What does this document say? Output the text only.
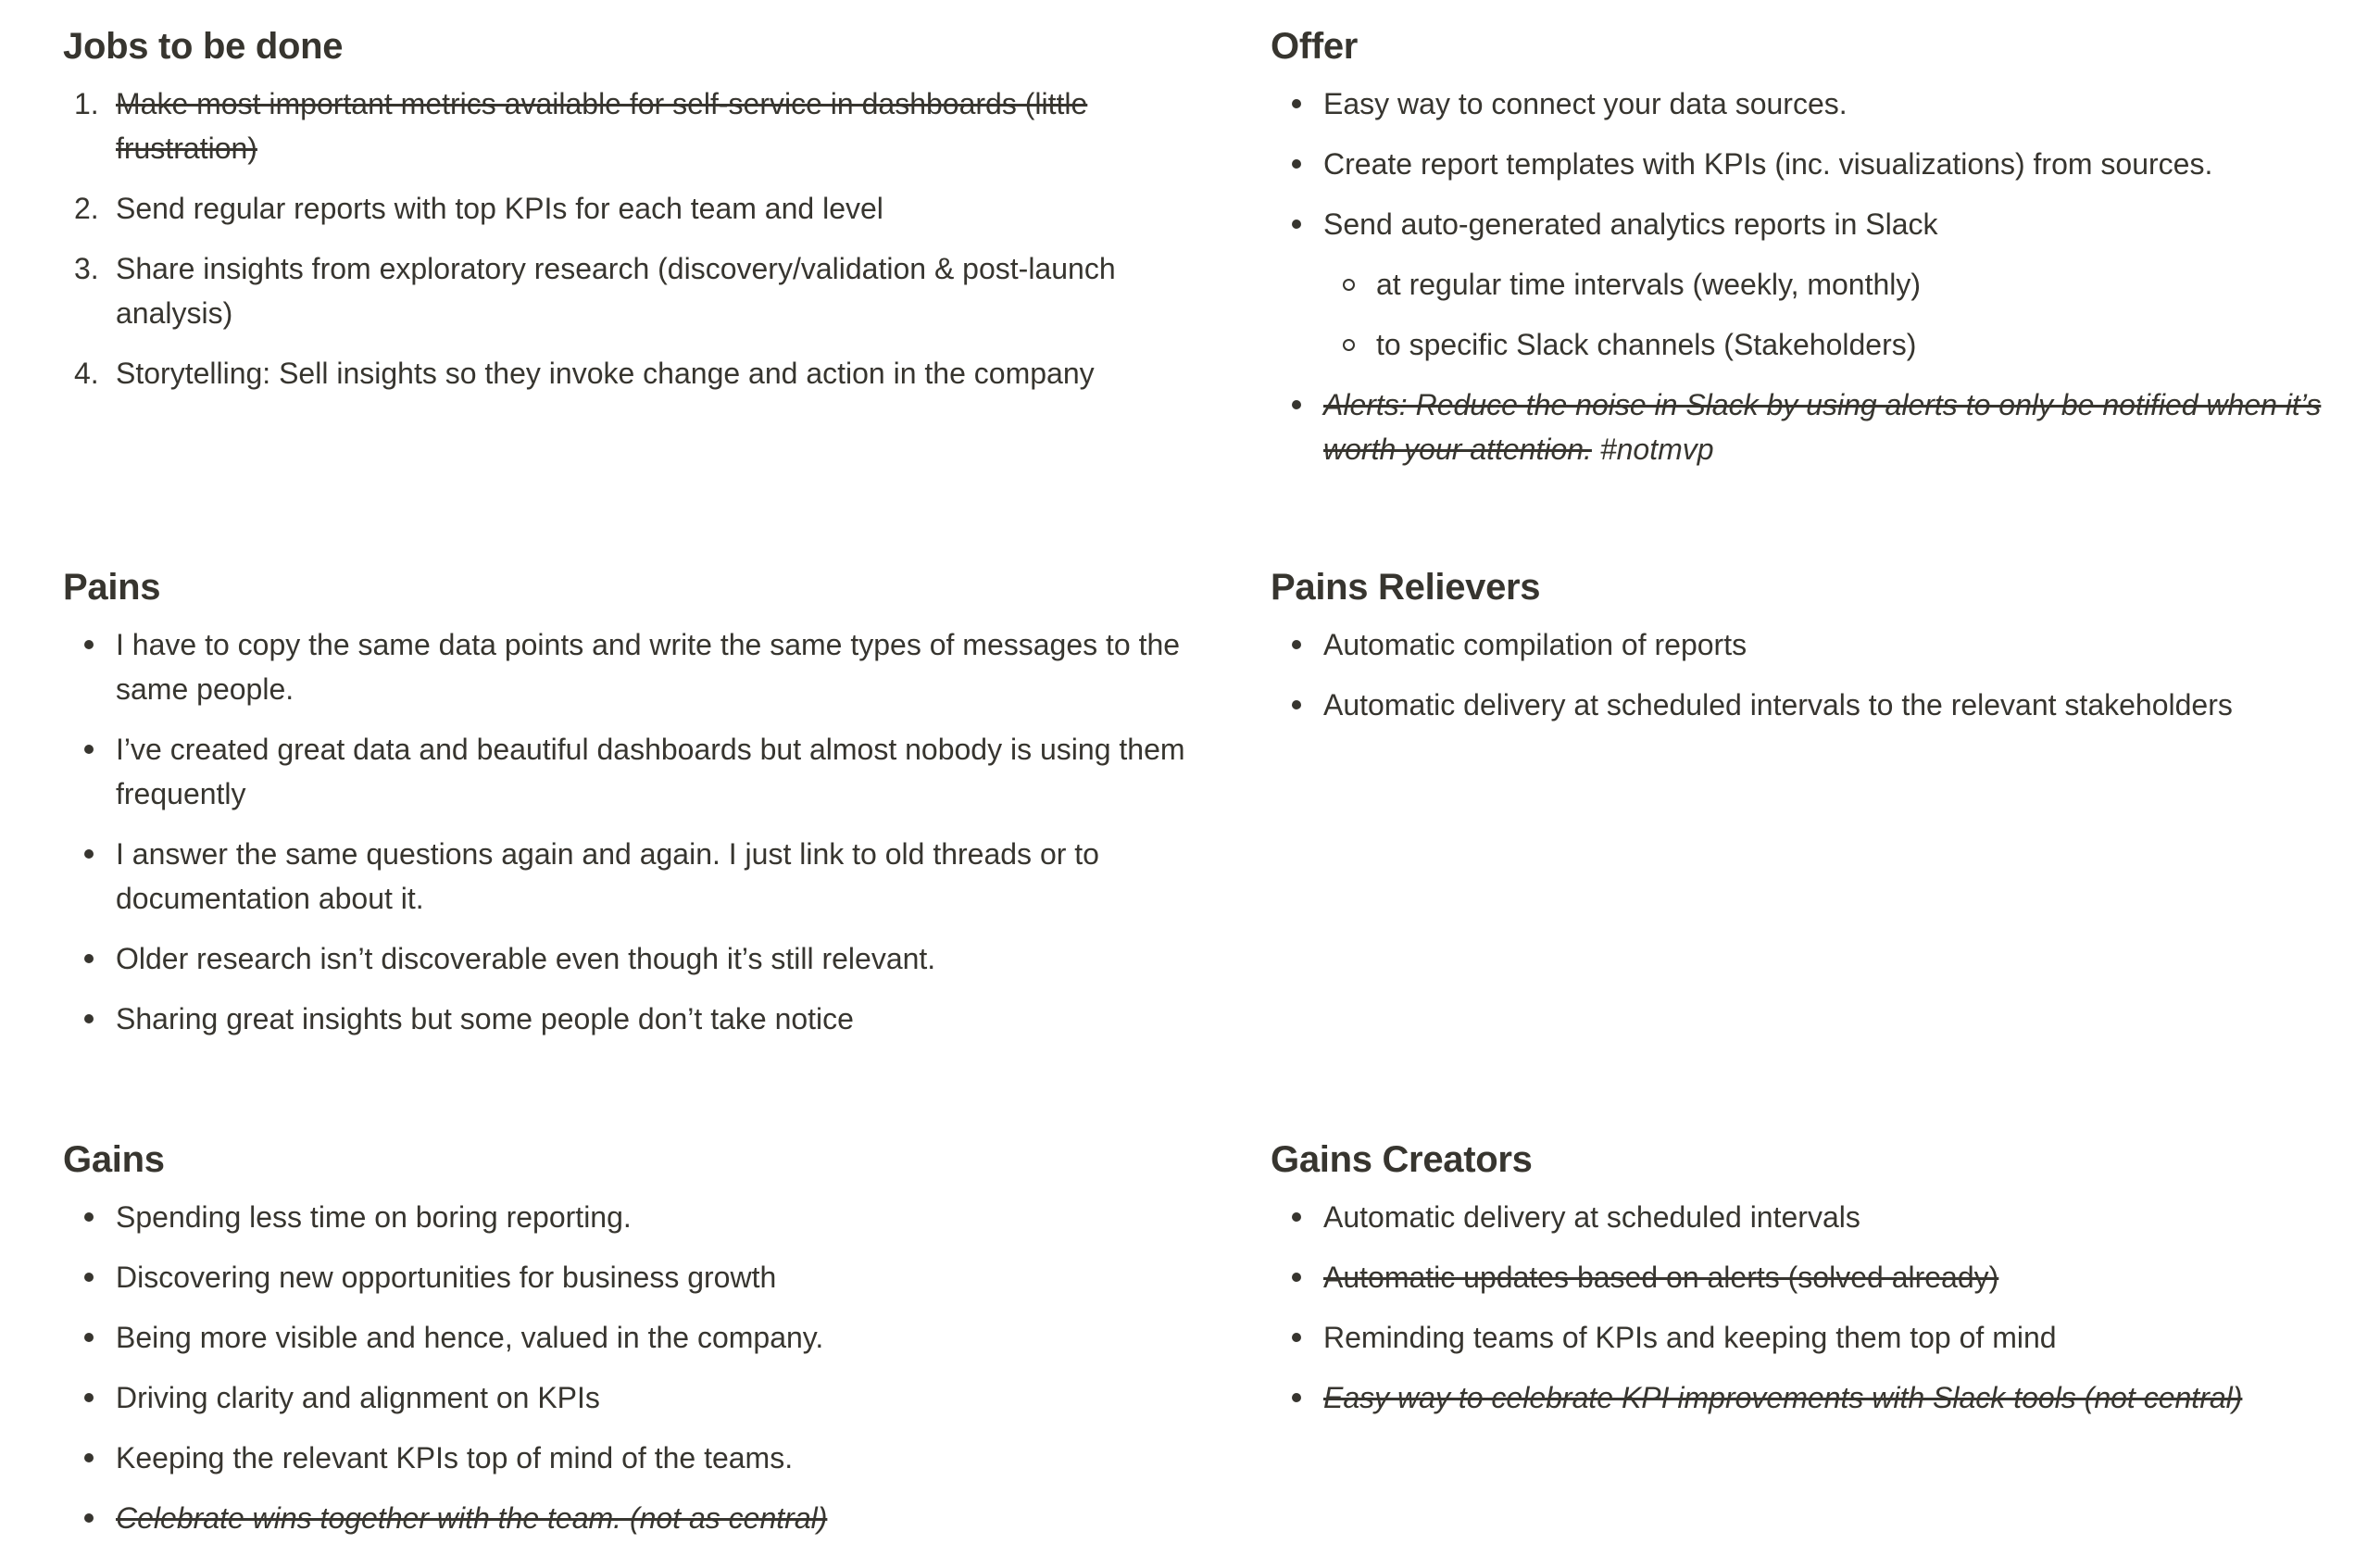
Jobs to be done
1. Make most important metrics available for self-service in dashboards (little frustration)
2. Send regular reports with top KPIs for each team and level
3. Share insights from exploratory research (discovery/validation & post-launch analysis)
4. Storytelling: Sell insights so they invoke change and action in the company
Offer
Easy way to connect your data sources.
Create report templates with KPIs (inc. visualizations) from sources.
Send auto-generated analytics reports in Slack
at regular time intervals (weekly, monthly)
to specific Slack channels (Stakeholders)
Alerts: Reduce the noise in Slack by using alerts to only be notified when it’s worth your attention. #notmvp
Pains
I have to copy the same data points and write the same types of messages to the same people.
I’ve created great data and beautiful dashboards but almost nobody is using them frequently
I answer the same questions again and again. I just link to old threads or to documentation about it.
Older research isn’t discoverable even though it’s still relevant.
Sharing great insights but some people don’t take notice
Pains Relievers
Automatic compilation of reports
Automatic delivery at scheduled intervals to the relevant stakeholders
Gains
Spending less time on boring reporting.
Discovering new opportunities for business growth
Being more visible and hence, valued in the company.
Driving clarity and alignment on KPIs
Keeping the relevant KPIs top of mind of the teams.
Celebrate wins together with the team. (not as central)
Gains Creators
Automatic delivery at scheduled intervals
Automatic updates based on alerts (solved already)
Reminding teams of KPIs and keeping them top of mind
Easy way to celebrate KPI improvements with Slack tools (not central)
